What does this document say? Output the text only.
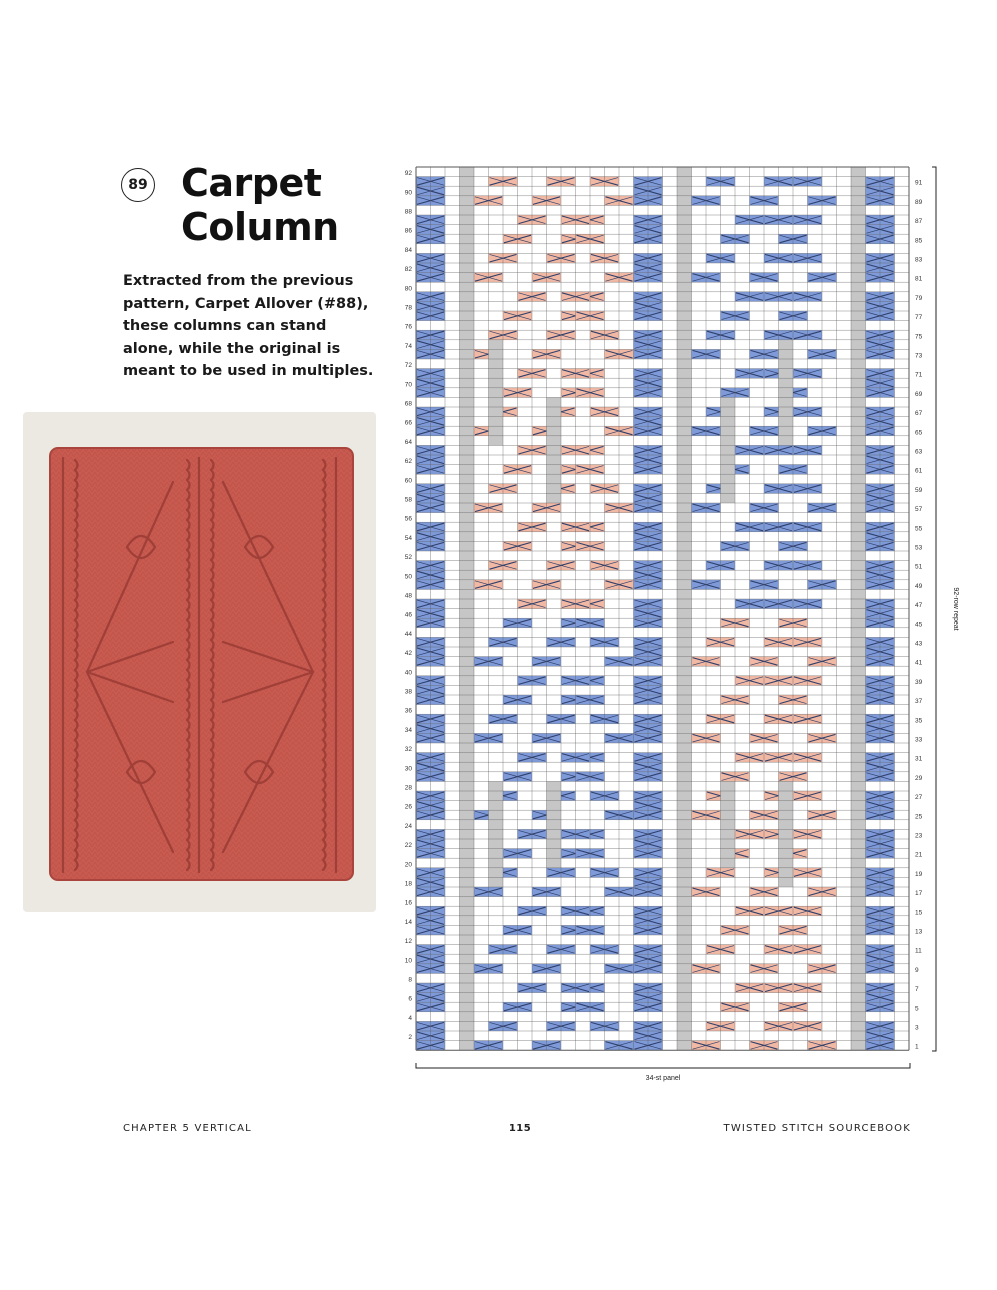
89 Carpet
Column

Extracted from the previous pattern, Carpet Allover (#88), these columns can stand alone, while the original is meant to be used in multiples.

2
4
6
8
10
12
14
16
18
20
22
24
26
28
30
32
34
36
38
40
42
44
46
48
50
52
54
56
58
60
62
64
66
68
70
72
74
76
78
80
82
84
86
88
90
92
1
3
5
7
9
11
13
15
17
19
21
23
25
27
29
31
33
35
37
39
41
43
45
47
49
51
53
55
57
59
61
63
65
67
69
71
73
75
77
79
81
83
85
87
89
91
34-st panel
92-row repeat
CHAPTER 5 VERTICAL	115	TWISTED STITCH SOURCEBOOK
